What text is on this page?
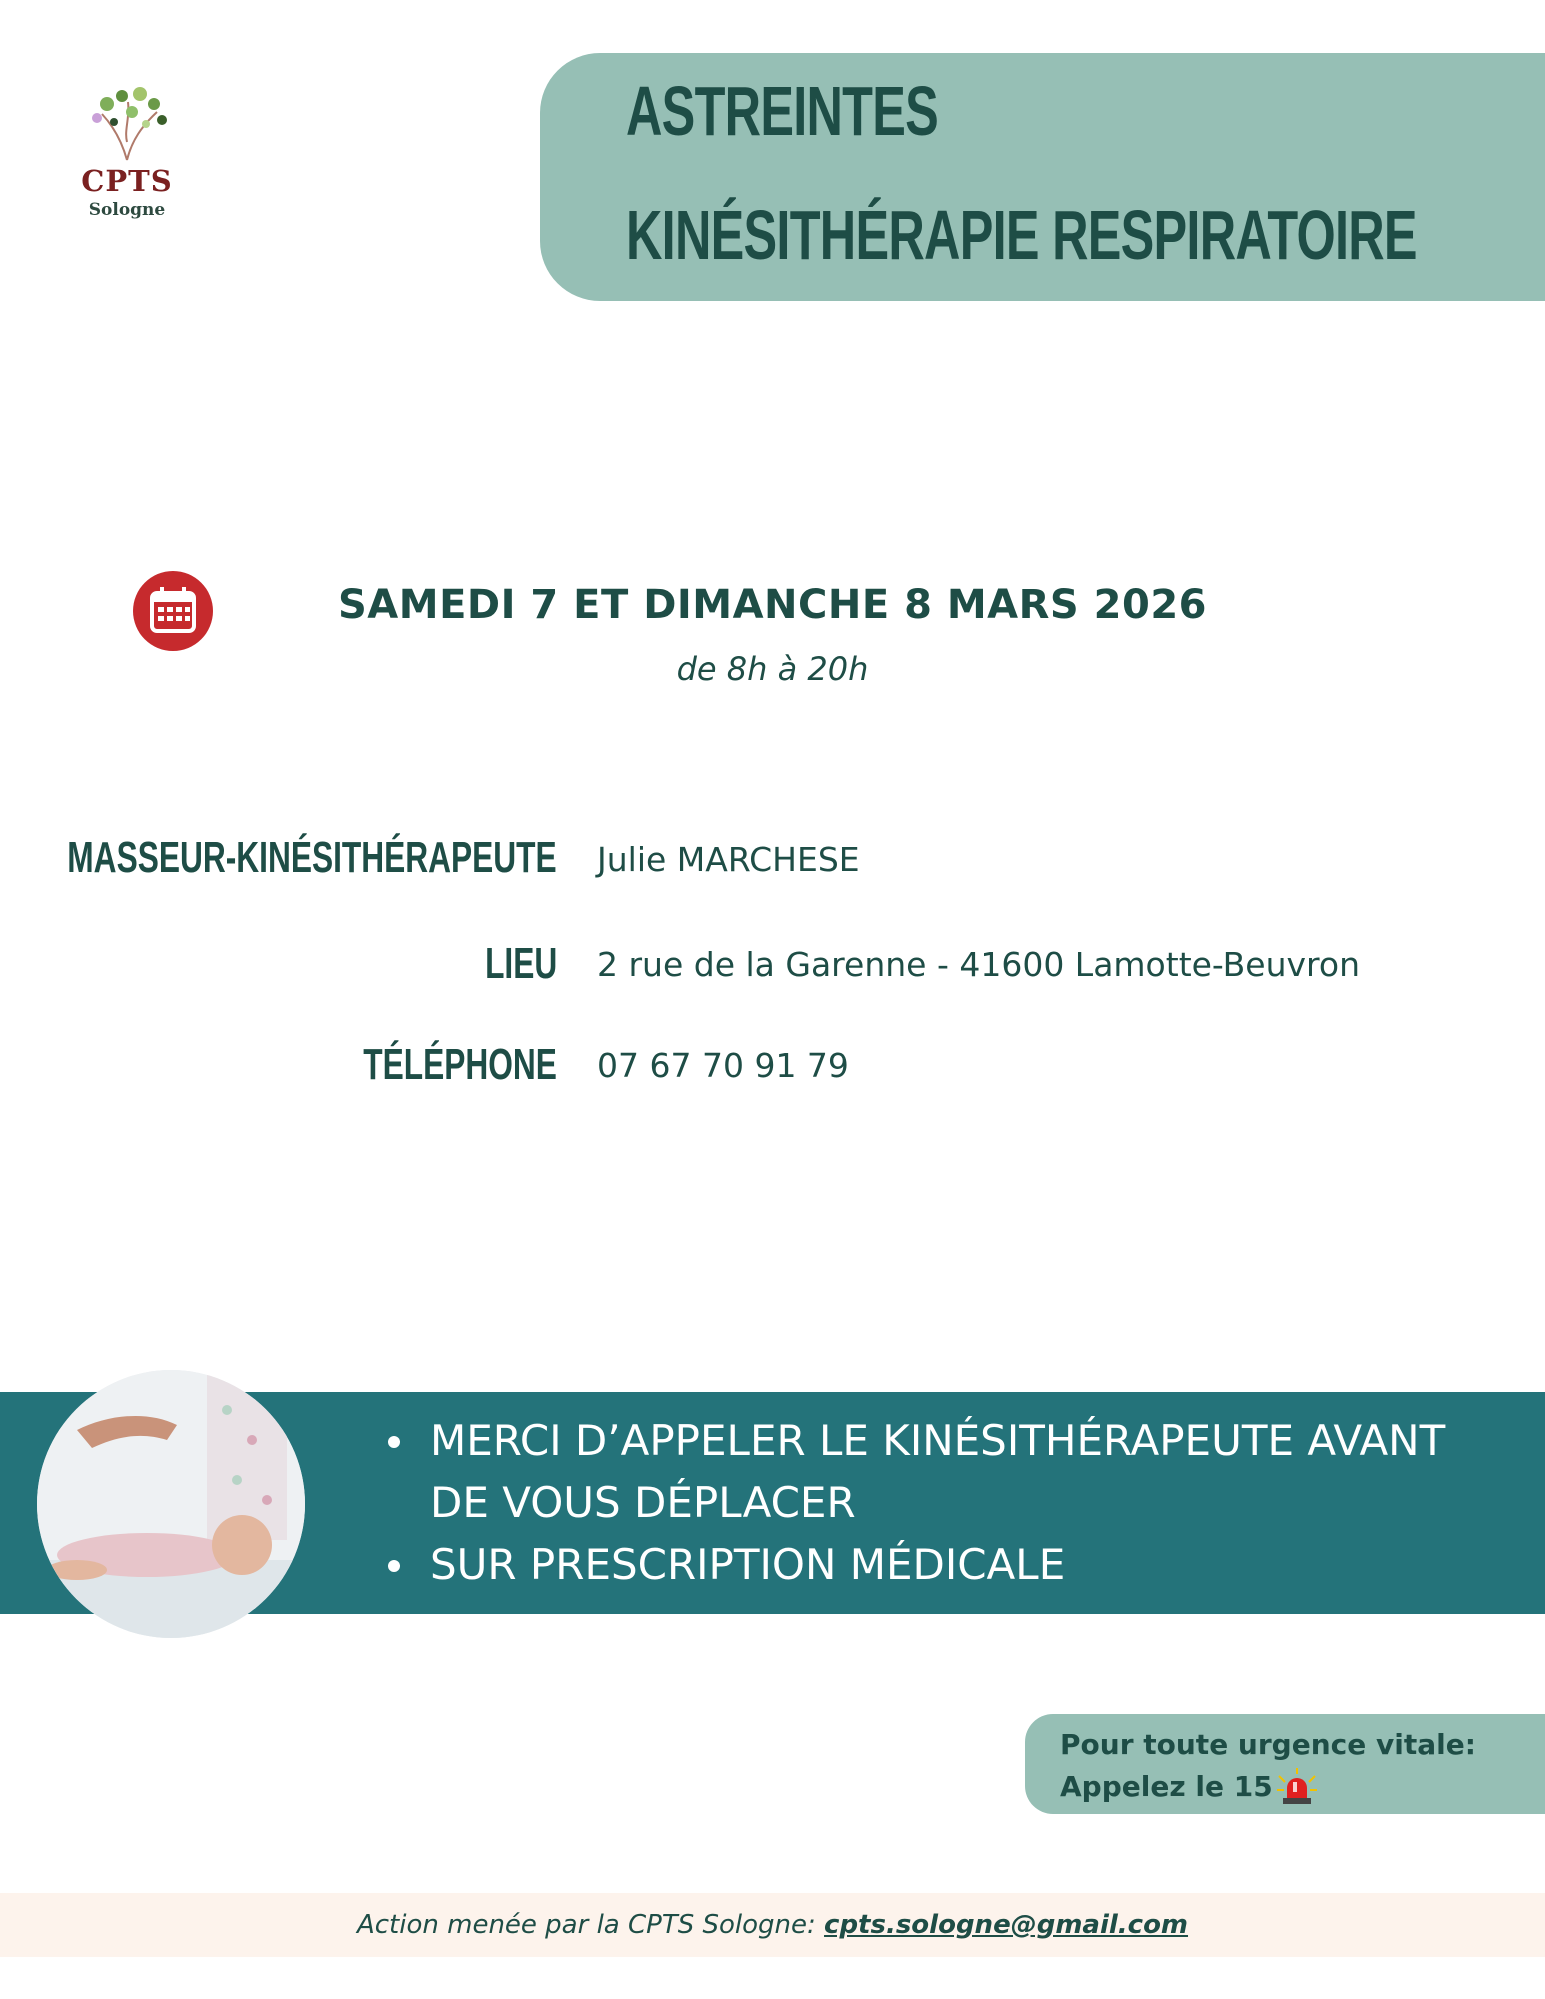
CPTS
Sologne
ASTREINTES
KINÉSITHÉRAPIE RESPIRATOIRE
SAMEDI 7 ET DIMANCHE 8 MARS 2026
de 8h à 20h
MASSEUR-KINÉSITHÉRAPEUTE Julie MARCHESE
LIEU 2 rue de la Garenne - 41600 Lamotte-Beuvron
TÉLÉPHONE 07 67 70 91 79
MERCI D’APPELER LE KINÉSITHÉRAPEUTE AVANT DE VOUS DÉPLACER
SUR PRESCRIPTION MÉDICALE
Pour toute urgence vitale:
Appelez le 15
Action menée par la CPTS Sologne: cpts.sologne@gmail.com
